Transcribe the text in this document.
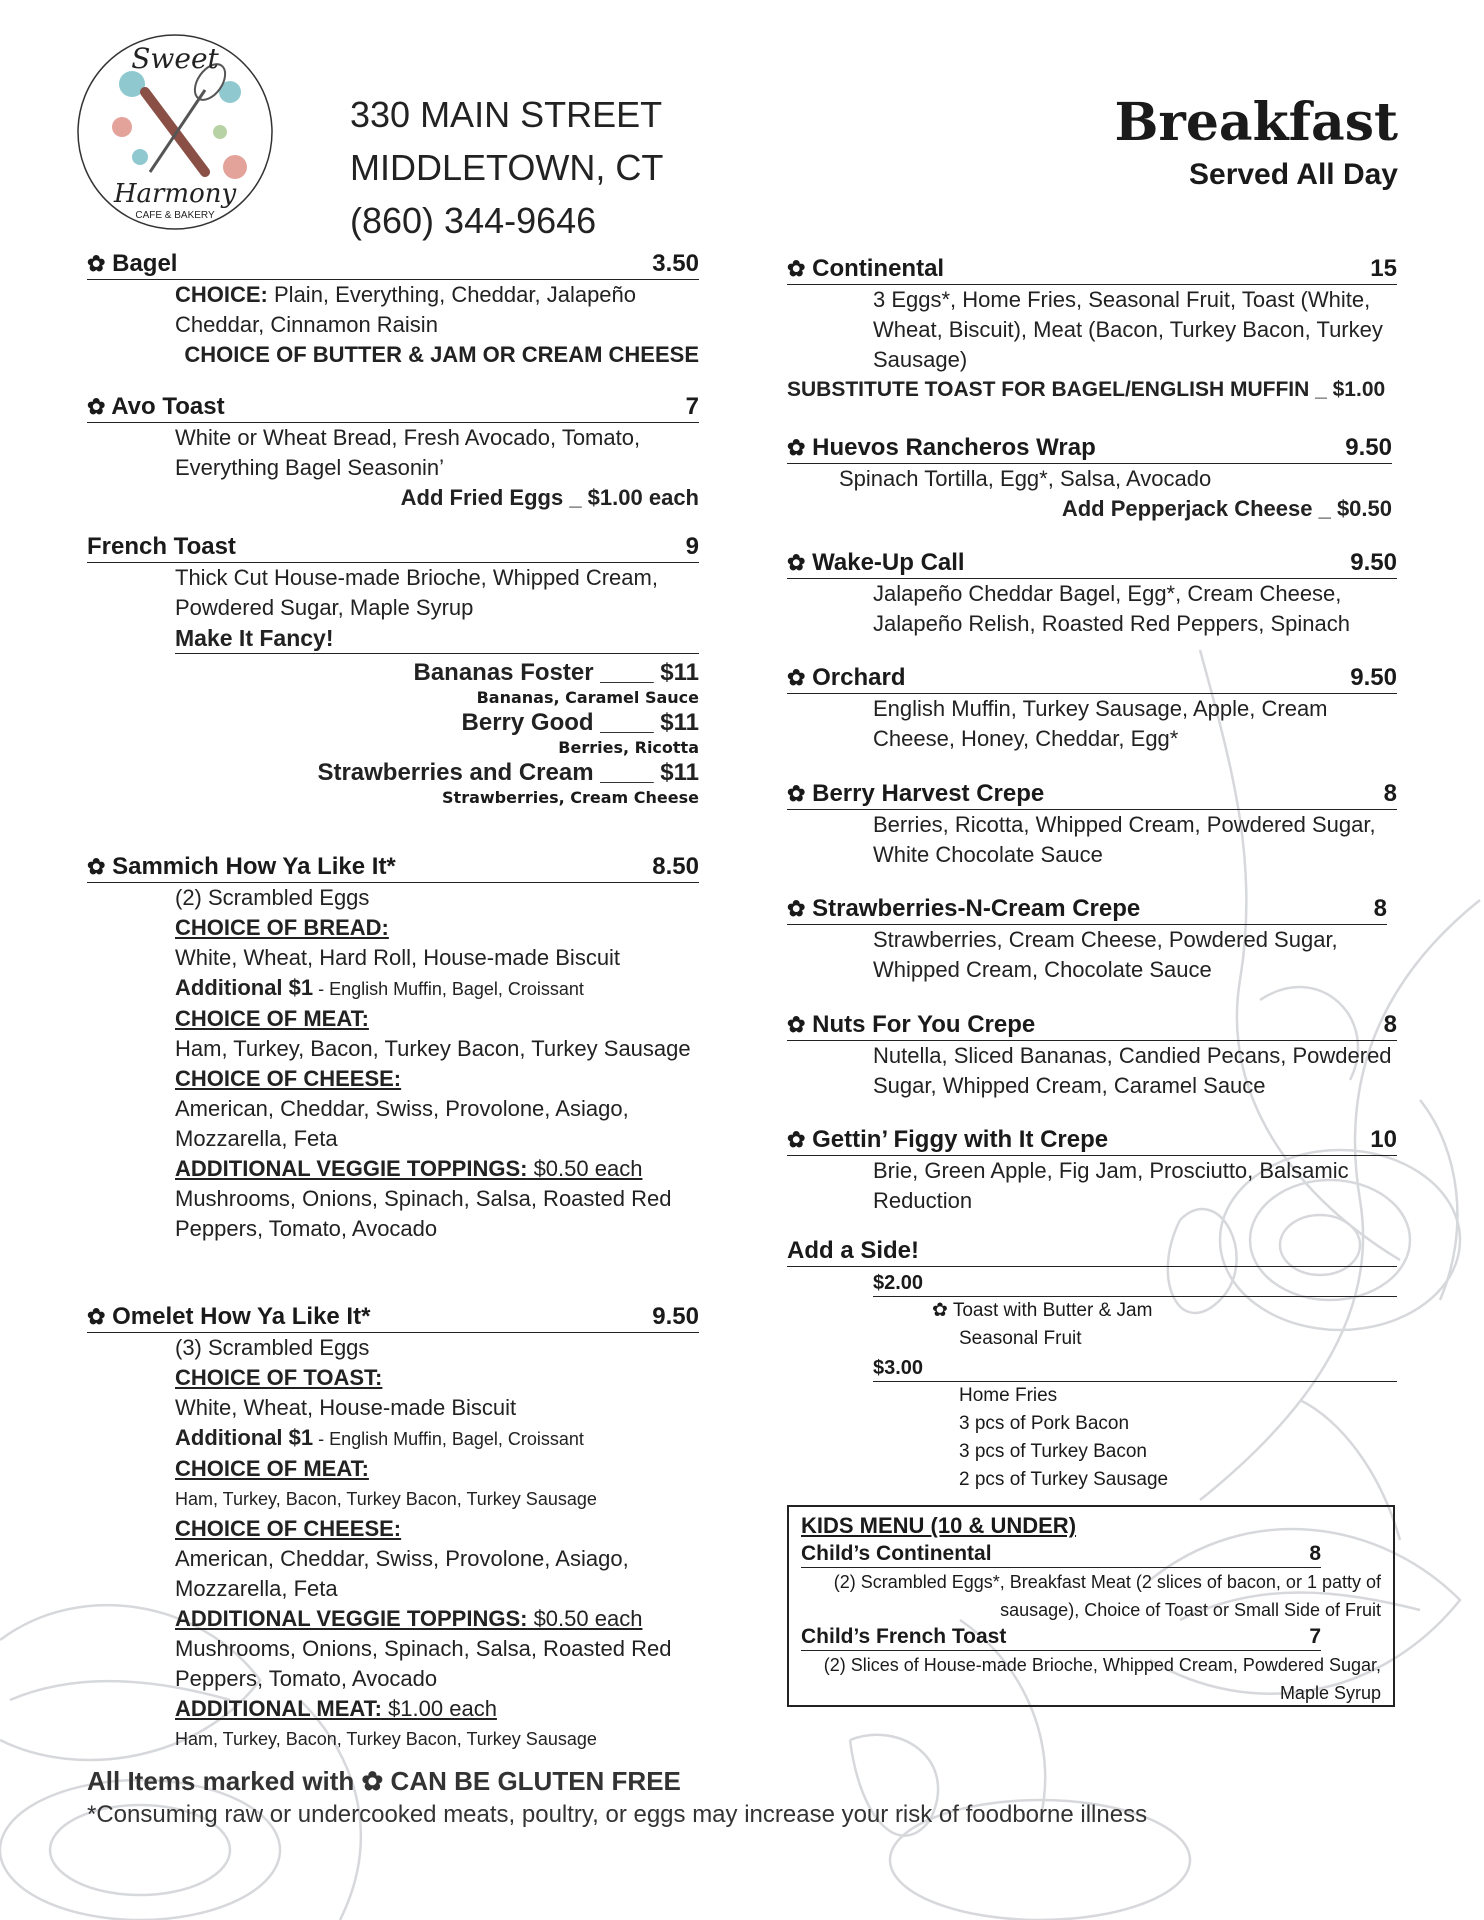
Sweet
Harmony
CAFE & BAKERY
330 MAIN STREET
MIDDLETOWN, CT
(860) 344-9646
Breakfast
Served All Day
✿ Bagel	3.50
CHOICE: Plain, Everything, Cheddar, Jalapeño Cheddar, Cinnamon Raisin
CHOICE OF BUTTER & JAM OR CREAM CHEESE
✿ Avo Toast	7
White or Wheat Bread, Fresh Avocado, Tomato, Everything Bagel Seasonin’
Add Fried Eggs _ $1.00 each
French Toast	9
Thick Cut House-made Brioche, Whipped Cream, Powdered Sugar, Maple Syrup
Make It Fancy!
Bananas Foster ____ $11
Bananas, Caramel Sauce
Berry Good ____ $11
Berries, Ricotta
Strawberries and Cream ____ $11
Strawberries, Cream Cheese
✿ Sammich How Ya Like It*	8.50
(2) Scrambled Eggs
CHOICE OF BREAD:
White, Wheat, Hard Roll, House-made Biscuit
Additional $1 - English Muffin, Bagel, Croissant
CHOICE OF MEAT:
Ham, Turkey, Bacon, Turkey Bacon, Turkey Sausage
CHOICE OF CHEESE:
American, Cheddar, Swiss, Provolone, Asiago, Mozzarella, Feta
ADDITIONAL VEGGIE TOPPINGS: $0.50 each
Mushrooms, Onions, Spinach, Salsa, Roasted Red Peppers, Tomato, Avocado
✿ Omelet How Ya Like It*	9.50
(3) Scrambled Eggs
CHOICE OF TOAST:
White, Wheat, House-made Biscuit
Additional $1 - English Muffin, Bagel, Croissant
CHOICE OF MEAT:
Ham, Turkey, Bacon, Turkey Bacon, Turkey Sausage
CHOICE OF CHEESE:
American, Cheddar, Swiss, Provolone, Asiago, Mozzarella, Feta
ADDITIONAL VEGGIE TOPPINGS: $0.50 each
Mushrooms, Onions, Spinach, Salsa, Roasted Red Peppers, Tomato, Avocado
ADDITIONAL MEAT: $1.00 each
Ham, Turkey, Bacon, Turkey Bacon, Turkey Sausage
✿ Continental	15
3 Eggs*, Home Fries, Seasonal Fruit, Toast (White, Wheat, Biscuit), Meat (Bacon, Turkey Bacon, Turkey Sausage)
SUBSTITUTE TOAST FOR BAGEL/ENGLISH MUFFIN _ $1.00
✿ Huevos Rancheros Wrap	9.50
Spinach Tortilla, Egg*, Salsa, Avocado
Add Pepperjack Cheese _ $0.50
✿ Wake-Up Call	9.50
Jalapeño Cheddar Bagel, Egg*, Cream Cheese, Jalapeño Relish, Roasted Red Peppers, Spinach
✿ Orchard	9.50
English Muffin, Turkey Sausage, Apple, Cream Cheese, Honey, Cheddar, Egg*
✿ Berry Harvest Crepe	8
Berries, Ricotta, Whipped Cream, Powdered Sugar, White Chocolate Sauce
✿ Strawberries-N-Cream Crepe	8
Strawberries, Cream Cheese, Powdered Sugar, Whipped Cream, Chocolate Sauce
✿ Nuts For You Crepe	8
Nutella, Sliced Bananas, Candied Pecans, Powdered Sugar, Whipped Cream, Caramel Sauce
✿ Gettin’ Figgy with It Crepe	10
Brie, Green Apple, Fig Jam, Prosciutto, Balsamic Reduction
Add a Side!
$2.00
✿ Toast with Butter & Jam
Seasonal Fruit
$3.00
Home Fries
3 pcs of Pork Bacon
3 pcs of Turkey Bacon
2 pcs of Turkey Sausage
KIDS MENU (10 & UNDER)
Child’s Continental	8
(2) Scrambled Eggs*, Breakfast Meat (2 slices of bacon, or 1 patty of sausage), Choice of Toast or Small Side of Fruit
Child’s French Toast	7
(2) Slices of House-made Brioche, Whipped Cream, Powdered Sugar, Maple Syrup
All Items marked with ✿ CAN BE GLUTEN FREE
*Consuming raw or undercooked meats, poultry, or eggs may increase your risk of foodborne illness
